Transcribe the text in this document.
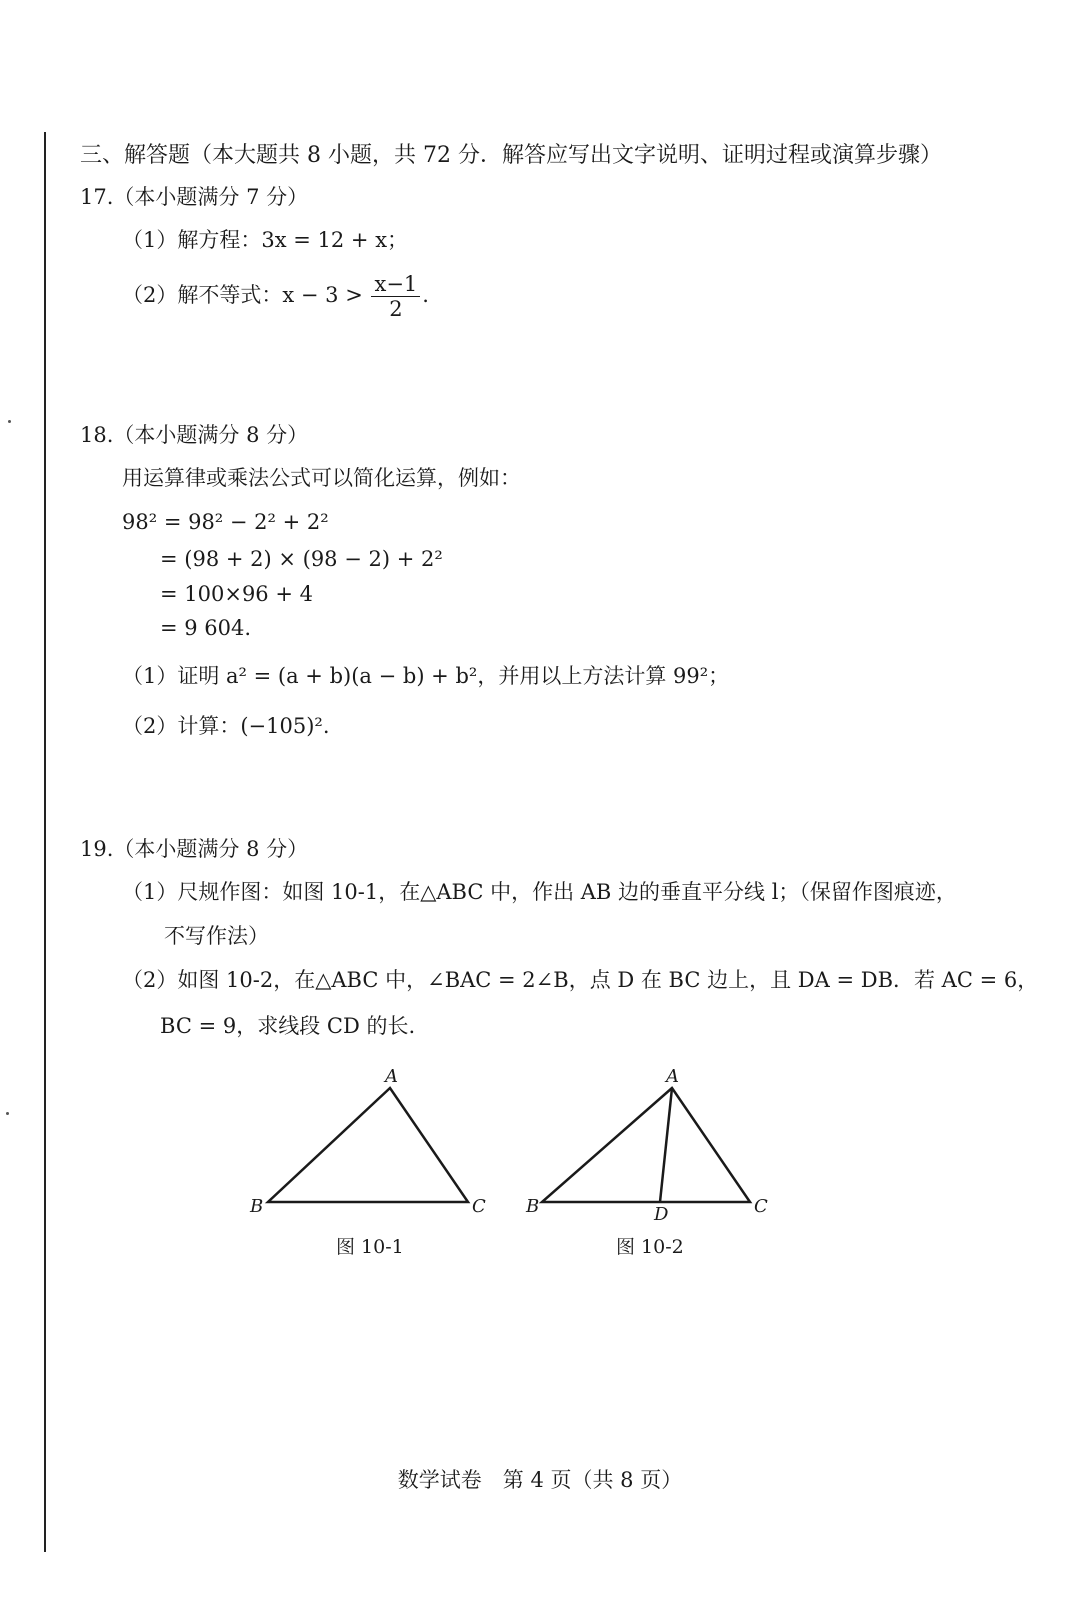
三、解答题（本大题共 8 小题，共 72 分．解答应写出文字说明、证明过程或演算步骤）
17.（本小题满分 7 分）
（1）解方程：3x = 12 + x；
（2）解不等式：$x - 3 > \frac{x-1}{2}$ .
18.（本小题满分 8 分）
用运算律或乘法公式可以简化运算，例如：
98² = 98² − 2² + 2²
= (98 + 2) × (98 − 2) + 2²
= 100×96 + 4
= 9 604.
（1）证明 a² = (a + b)(a − b) + b²，并用以上方法计算 99²；
（2）计算：(−105)².
19.（本小题满分 8 分）
（1）尺规作图：如图 10-1，在△ABC 中，作出 AB 边的垂直平分线 l；（保留作图痕迹，
不写作法）
（2）如图 10-2，在△ABC 中，∠BAC = 2∠B，点 D 在 BC 边上，且 DA = DB．若 AC = 6，
BC = 9，求线段 CD 的长.
A
B	C
图 10-1
A
B	C
D
图 10-2
数学试卷　第 4 页（共 8 页）
